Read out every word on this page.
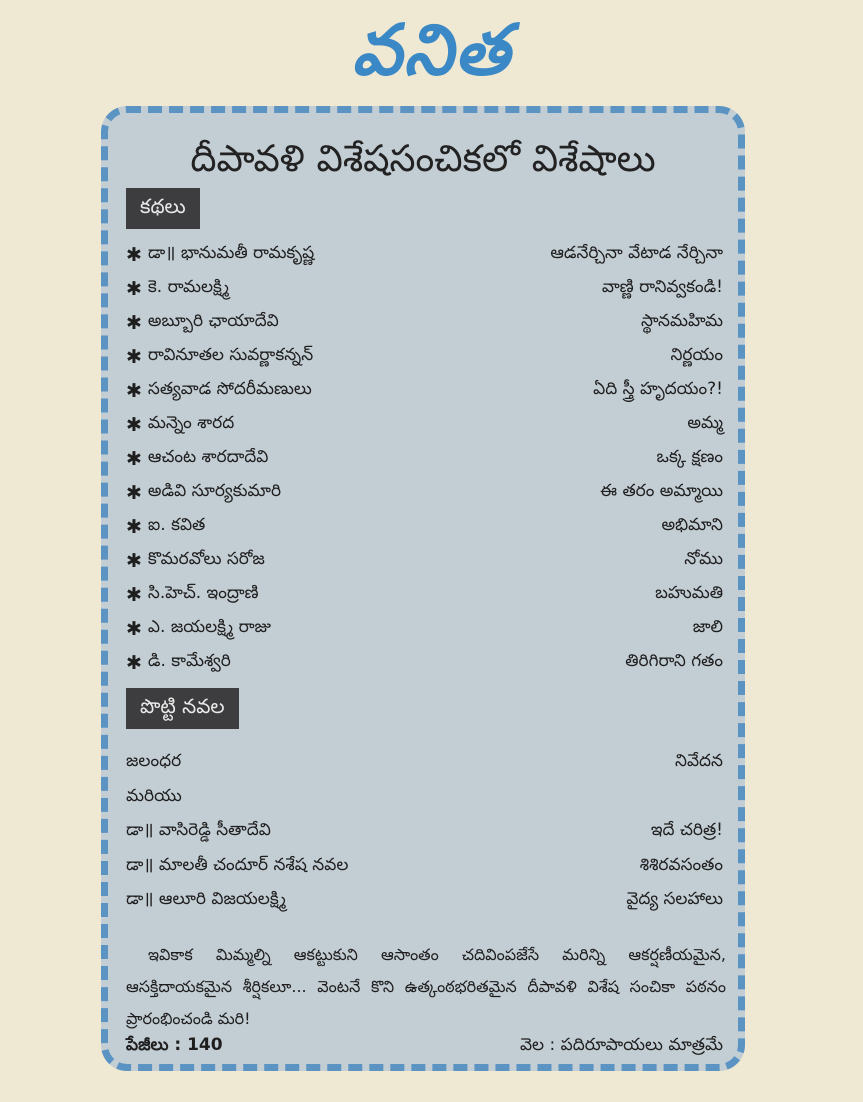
వనిత
దీపావళి విశేషసంచికలో విశేషాలు
కథలు
✱ డా॥ భానుమతీ రామకృష్ణ	ఆడనేర్చినా వేటాడ నేర్చినా
✱ కె. రామలక్ష్మి	వాణ్ణి రానివ్వకండి!
✱ అబ్బూరి ఛాయాదేవి	స్థానమహిమ
✱ రావినూతల సువర్ణాకన్నన్	నిర్ణయం
✱ సత్యవాడ సోదరీమణులు	ఏది స్త్రీ హృదయం?!
✱ మన్నెం శారద	అమ్మ
✱ ఆచంట శారదాదేవి	ఒక్క క్షణం
✱ అడివి సూర్యకుమారి	ఈ తరం అమ్మాయి
✱ ఐ. కవిత	అభిమాని
✱ కొమరవోలు సరోజ	నోము
✱ సి.హెచ్. ఇంద్రాణి	బహుమతి
✱ ఎ. జయలక్ష్మి రాజు	జాలి
✱ డి. కామేశ్వరి	తిరిగిరాని గతం
పొట్టి నవల
జలంధర	నివేదన
మరియు
డా॥ వాసిరెడ్డి సీతాదేవి	ఇదే చరిత్ర!
డా॥ మాలతీ చందూర్ నశేష నవల	శిశిరవసంతం
డా॥ ఆలూరి విజయలక్ష్మి	వైద్య సలహాలు
ఇవికాక మిమ్మల్ని ఆకట్టుకుని ఆసాంతం చదివింపజేసే మరిన్ని ఆకర్షణీయమైన, ఆసక్తిదాయకమైన శీర్షికలూ... వెంటనే కొని ఉత్కంఠభరితమైన దీపావళి విశేష సంచికా పఠనం ప్రారంభించండి మరి!
పేజీలు : 140	వెల : పదిరూపాయలు మాత్రమే
